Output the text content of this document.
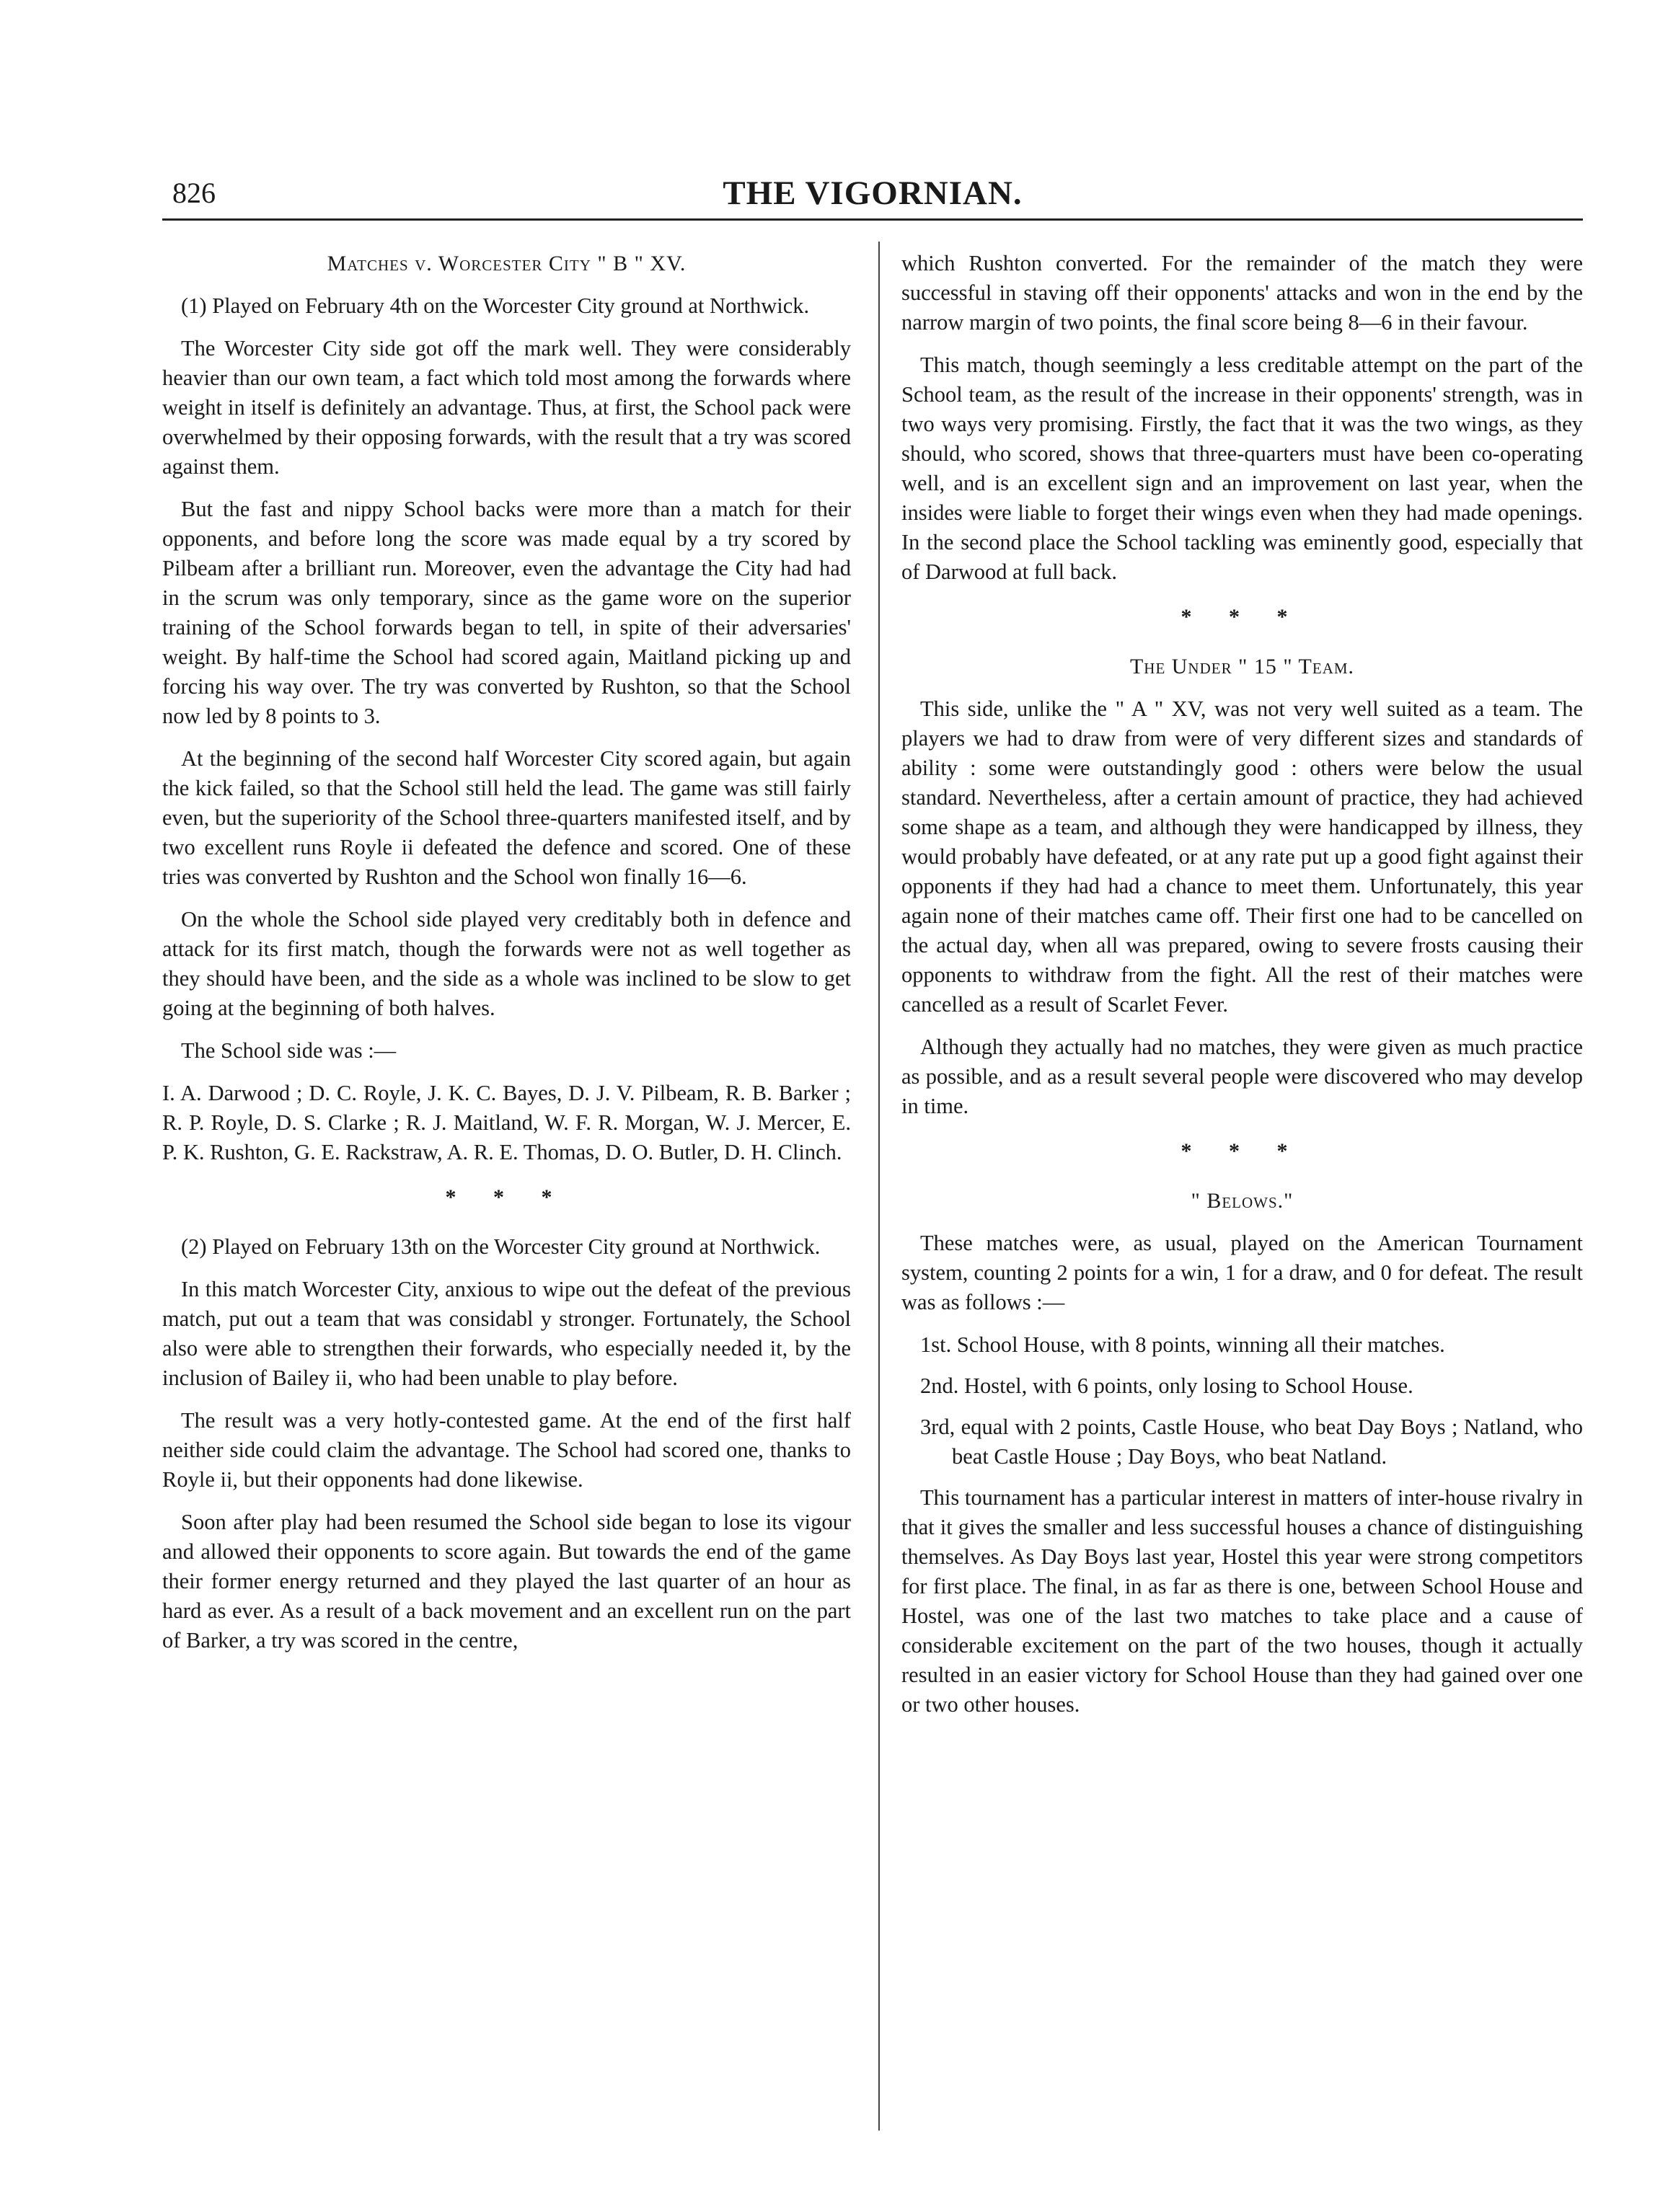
826	THE VIGORNIAN.
Matches v. Worcester City " B " XV.

(1) Played on February 4th on the Worcester City ground at Northwick.

The Worcester City side got off the mark well. They were considerably heavier than our own team, a fact which told most among the forwards where weight in itself is definitely an advantage. Thus, at first, the School pack were overwhelmed by their opposing forwards, with the result that a try was scored against them.

But the fast and nippy School backs were more than a match for their opponents, and before long the score was made equal by a try scored by Pilbeam after a brilliant run. Moreover, even the advantage the City had had in the scrum was only temporary, since as the game wore on the superior training of the School forwards began to tell, in spite of their adversaries' weight. By half-time the School had scored again, Maitland picking up and forcing his way over. The try was converted by Rushton, so that the School now led by 8 points to 3.

At the beginning of the second half Worcester City scored again, but again the kick failed, so that the School still held the lead. The game was still fairly even, but the superiority of the School three-quarters manifested itself, and by two excellent runs Royle ii defeated the defence and scored. One of these tries was converted by Rushton and the School won finally 16—6.

On the whole the School side played very creditably both in defence and attack for its first match, though the forwards were not as well together as they should have been, and the side as a whole was inclined to be slow to get going at the beginning of both halves.

The School side was :—

I. A. Darwood ; D. C. Royle, J. K. C. Bayes, D. J. V. Pilbeam, R. B. Barker ; R. P. Royle, D. S. Clarke ; R. J. Maitland, W. F. R. Morgan, W. J. Mercer, E. P. K. Rushton, G. E. Rackstraw, A. R. E. Thomas, D. O. Butler, D. H. Clinch.

* * *

(2) Played on February 13th on the Worcester City ground at Northwick.

In this match Worcester City, anxious to wipe out the defeat of the previous match, put out a team that was considabl y stronger. Fortunately, the School also were able to strengthen their forwards, who especially needed it, by the inclusion of Bailey ii, who had been unable to play before.

The result was a very hotly-contested game. At the end of the first half neither side could claim the advantage. The School had scored one, thanks to Royle ii, but their opponents had done likewise.

Soon after play had been resumed the School side began to lose its vigour and allowed their opponents to score again. But towards the end of the game their former energy returned and they played the last quarter of an hour as hard as ever. As a result of a back movement and an excellent run on the part of Barker, a try was scored in the centre,

which Rushton converted. For the remainder of the match they were successful in staving off their opponents' attacks and won in the end by the narrow margin of two points, the final score being 8—6 in their favour.

This match, though seemingly a less creditable attempt on the part of the School team, as the result of the increase in their opponents' strength, was in two ways very promising. Firstly, the fact that it was the two wings, as they should, who scored, shows that three-quarters must have been co-operating well, and is an excellent sign and an improvement on last year, when the insides were liable to forget their wings even when they had made openings. In the second place the School tackling was eminently good, especially that of Darwood at full back.

* * *
The Under " 15 " Team.

This side, unlike the " A " XV, was not very well suited as a team. The players we had to draw from were of very different sizes and standards of ability : some were outstandingly good : others were below the usual standard. Nevertheless, after a certain amount of practice, they had achieved some shape as a team, and although they were handicapped by illness, they would probably have defeated, or at any rate put up a good fight against their opponents if they had had a chance to meet them. Unfortunately, this year again none of their matches came off. Their first one had to be cancelled on the actual day, when all was prepared, owing to severe frosts causing their opponents to withdraw from the fight. All the rest of their matches were cancelled as a result of Scarlet Fever.

Although they actually had no matches, they were given as much practice as possible, and as a result several people were discovered who may develop in time.

* * *
" Belows."

These matches were, as usual, played on the American Tournament system, counting 2 points for a win, 1 for a draw, and 0 for defeat. The result was as follows :—

1st. School House, with 8 points, winning all their matches.
2nd. Hostel, with 6 points, only losing to School House.
3rd, equal with 2 points, Castle House, who beat Day Boys ; Natland, who beat Castle House ; Day Boys, who beat Natland.

This tournament has a particular interest in matters of inter-house rivalry in that it gives the smaller and less successful houses a chance of distinguishing themselves. As Day Boys last year, Hostel this year were strong competitors for first place. The final, in as far as there is one, between School House and Hostel, was one of the last two matches to take place and a cause of considerable excitement on the part of the two houses, though it actually resulted in an easier victory for School House than they had gained over one or two other houses.
